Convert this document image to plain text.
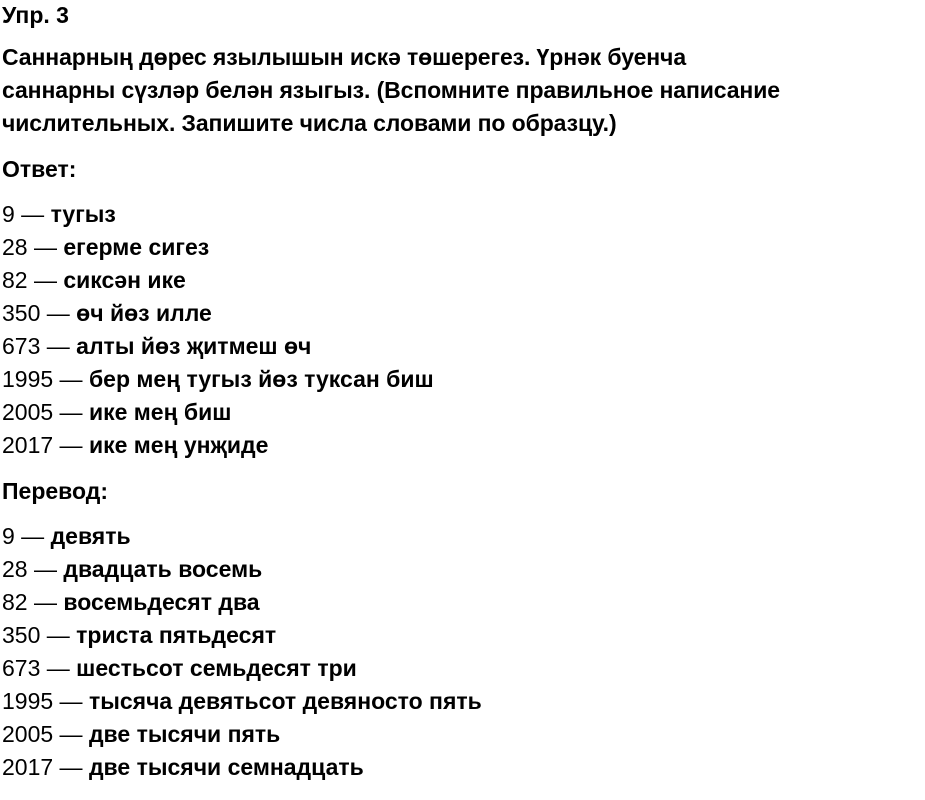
Упр. 3
Саннарның дөрес язылышын искә төшерегез. Үрнәк буенча
саннарны сүзләр белән языгыз. (Вспомните правильное написание
числительных. Запишите числа словами по образцу.)
Ответ:
9 — тугыз
28 — егерме сигез
82 — сиксән ике
350 — өч йөз илле
673 — алты йөз җитмеш өч
1995 — бер мең тугыз йөз туксан биш
2005 — ике мең биш
2017 — ике мең унҗиде
Перевод:
9 — девять
28 — двадцать восемь
82 — восемьдесят два
350 — триста пятьдесят
673 — шестьсот семьдесят три
1995 — тысяча девятьсот девяносто пять
2005 — две тысячи пять
2017 — две тысячи семнадцать
